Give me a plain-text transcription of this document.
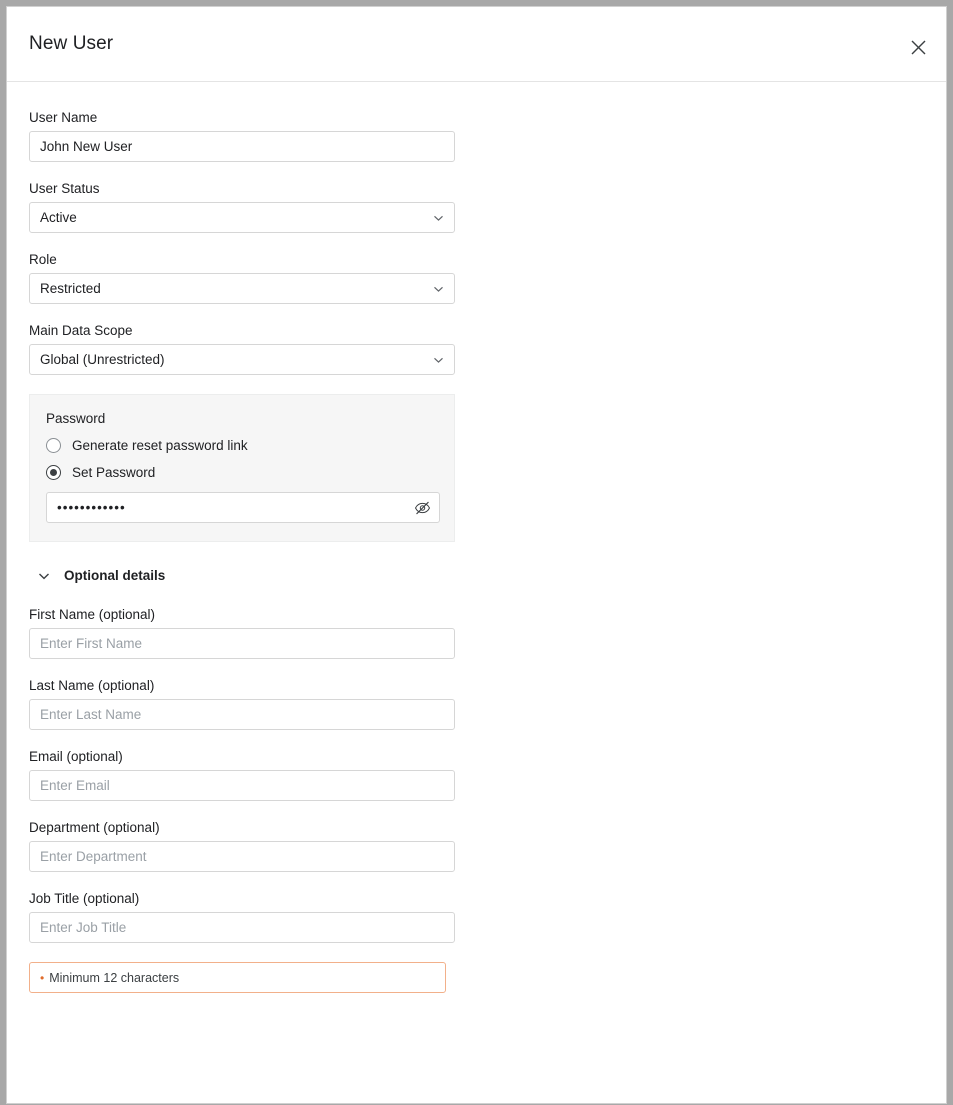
New User
User Name
John New User
User Status
Active
Role
Restricted
Main Data Scope
Global (Unrestricted)
Password
Generate reset password link
Set Password
••••••••••••
Optional details
First Name (optional)
Enter First Name
Last Name (optional)
Enter Last Name
Email (optional)
Enter Email
Department (optional)
Enter Department
Job Title (optional)
Enter Job Title
• Minimum 12 characters
